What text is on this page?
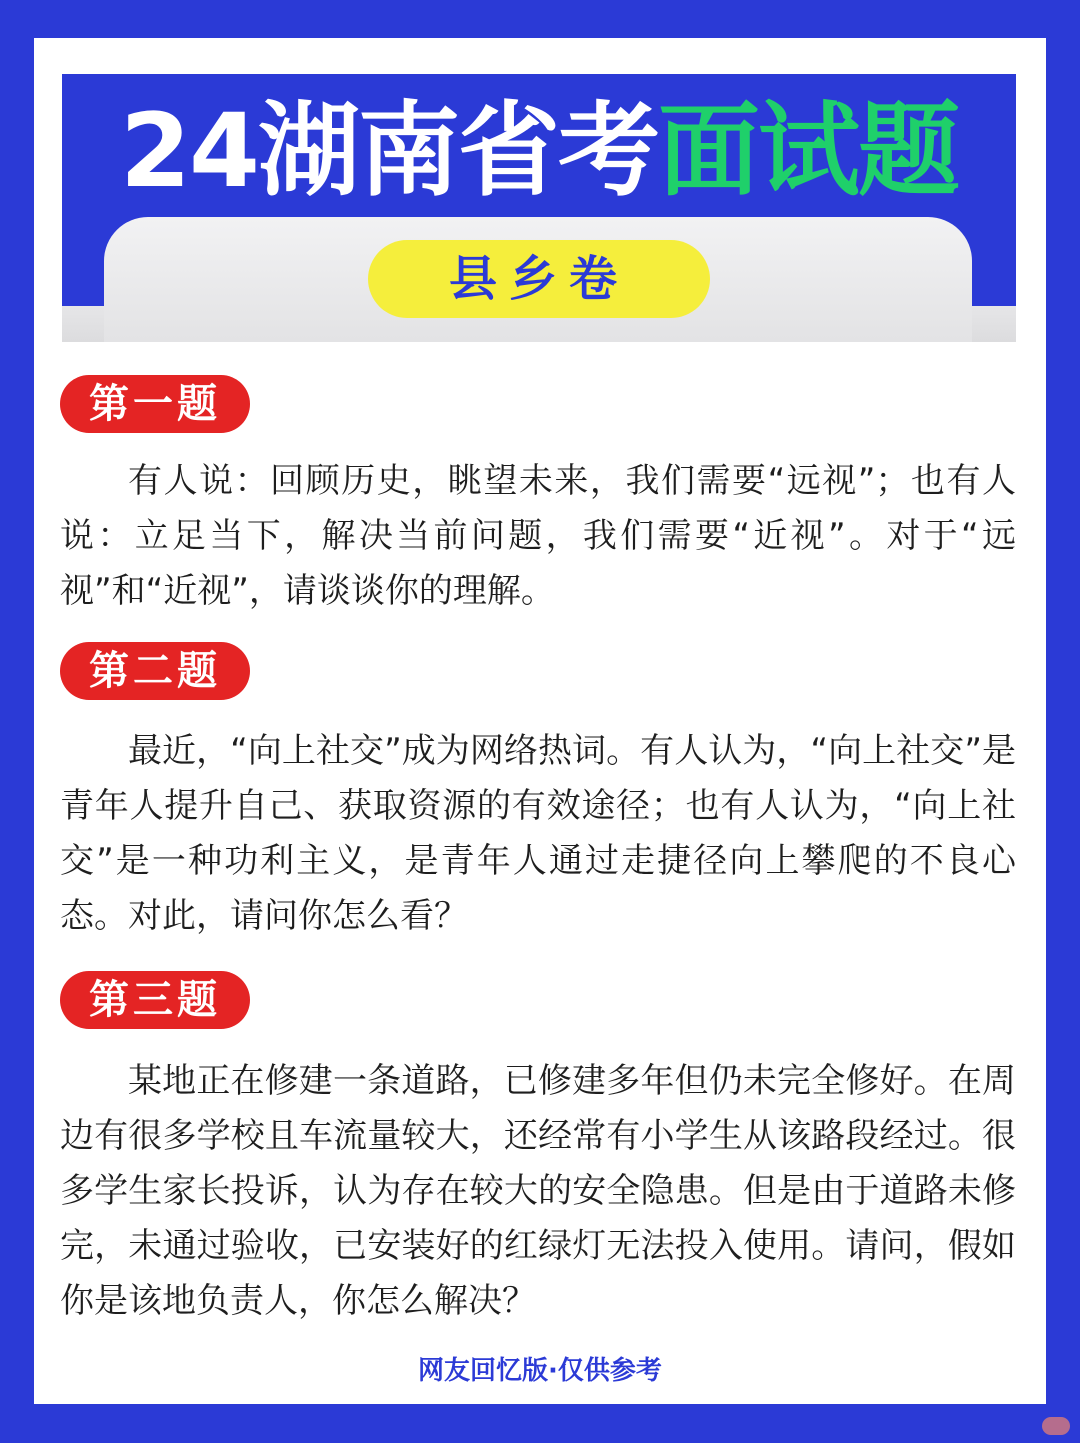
24湖南省考面试题
县乡卷
第一题

有人说：回顾历史，眺望未来，我们需要“远视”；也有人说：立足当下，解决当前问题，我们需要“近视”。对于“远视”和“近视”，请谈谈你的理解。

第二题

最近，“向上社交”成为网络热词。有人认为，“向上社交”是青年人提升自己、获取资源的有效途径；也有人认为，“向上社交”是一种功利主义，是青年人通过走捷径向上攀爬的不良心态。对此，请问你怎么看？

第三题

某地正在修建一条道路，已修建多年但仍未完全修好。在周边有很多学校且车流量较大，还经常有小学生从该路段经过。很多学生家长投诉，认为存在较大的安全隐患。但是由于道路未修完，未通过验收，已安装好的红绿灯无法投入使用。请问，假如你是该地负责人，你怎么解决？

网友回忆版·仅供参考
